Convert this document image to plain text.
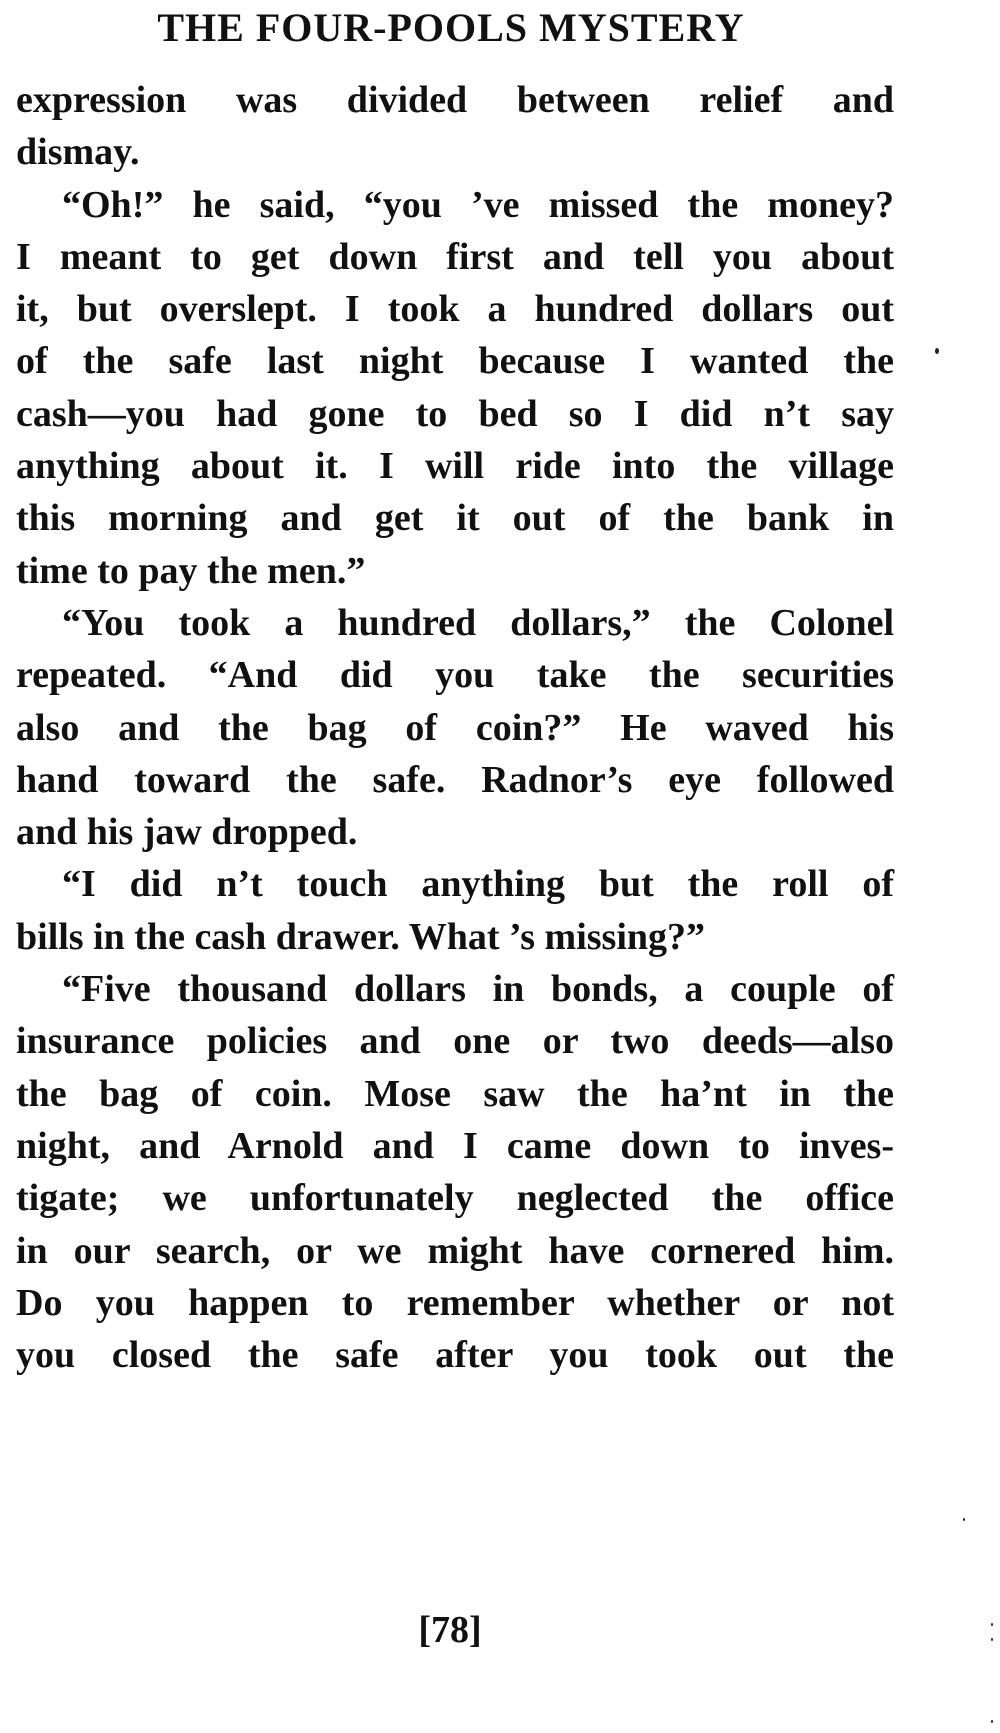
THE FOUR-POOLS MYSTERY
expression was divided between relief and
dismay.
“Oh!” he said, “you ’ve missed the money?
I meant to get down first and tell you about
it, but overslept. I took a hundred dollars out
of the safe last night because I wanted the
cash—you had gone to bed so I did n’t say
anything about it. I will ride into the village
this morning and get it out of the bank in
time to pay the men.”
“You took a hundred dollars,” the Colonel
repeated. “And did you take the securities
also and the bag of coin?” He waved his
hand toward the safe. Radnor’s eye followed
and his jaw dropped.
“I did n’t touch anything but the roll of
bills in the cash drawer. What ’s missing?”
“Five thousand dollars in bonds, a couple of
insurance policies and one or two deeds—also
the bag of coin. Mose saw the ha’nt in the
night, and Arnold and I came down to inves-
tigate; we unfortunately neglected the office
in our search, or we might have cornered him.
Do you happen to remember whether or not
you closed the safe after you took out the
[78]
